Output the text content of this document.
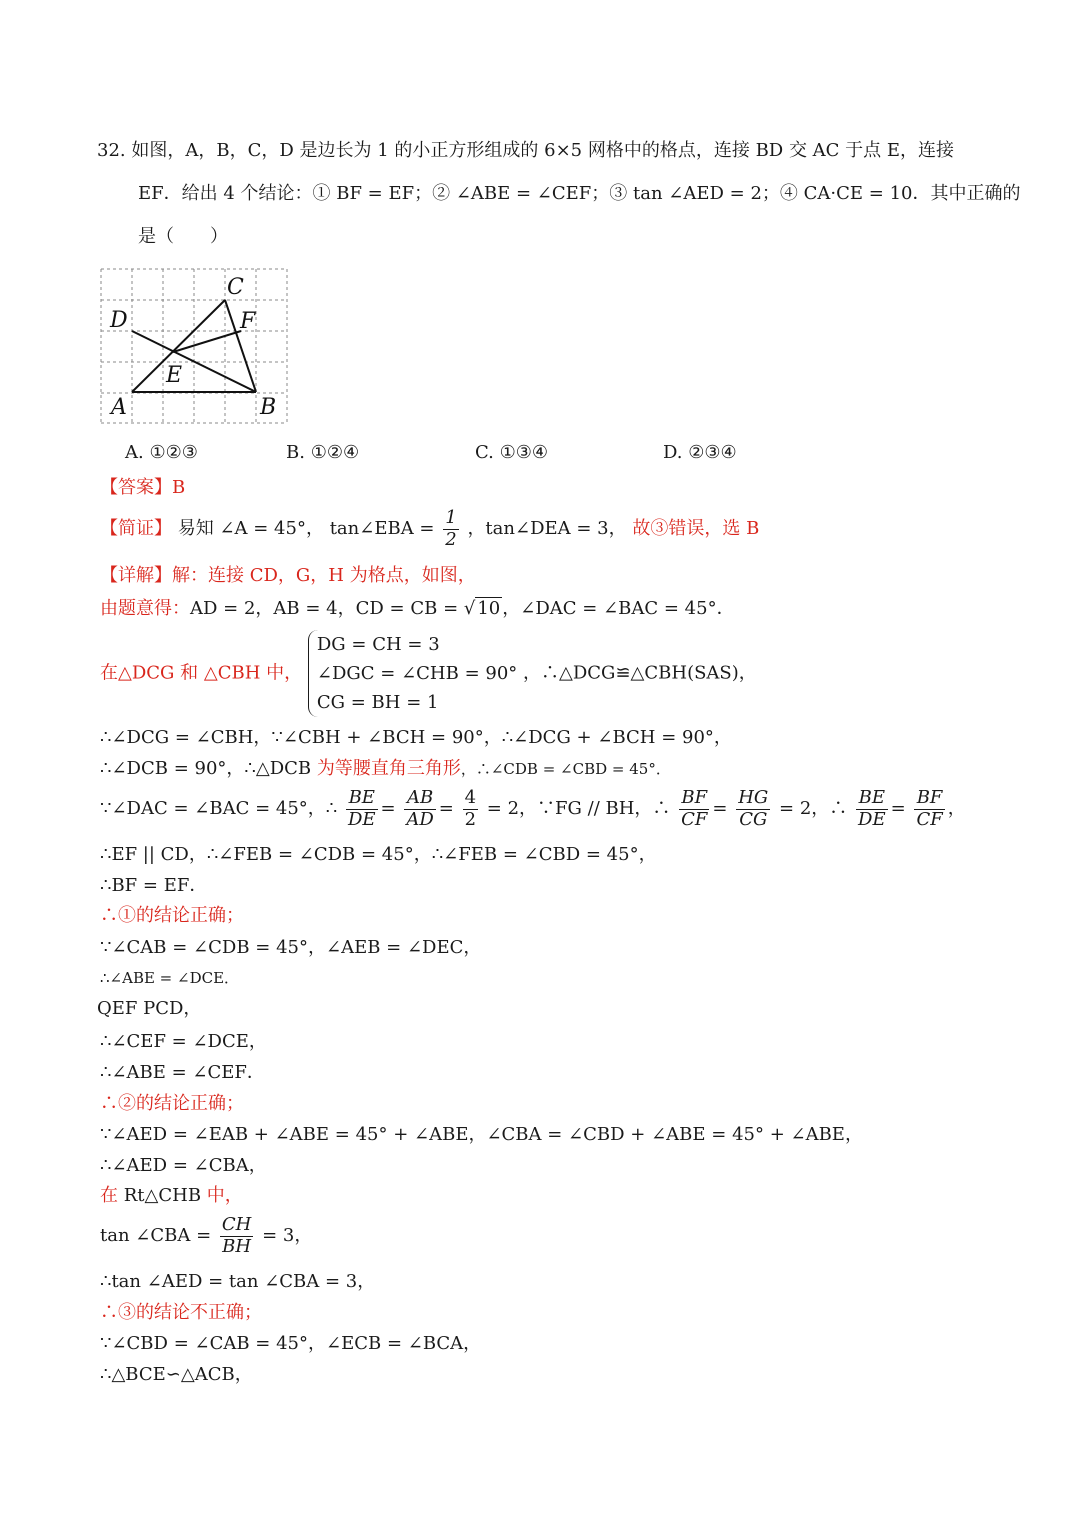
32. 如图，A，B，C，D 是边长为 1 的小正方形组成的 6×5 网格中的格点，连接 BD 交 AC 于点 E，连接
EF．给出 4 个结论：① BF = EF；② ∠ABE = ∠CEF；③ tan ∠AED = 2；④ CA·CE = 10．其中正确的
是（　　）
C
D	F
E
A	B
A. ①②③	B. ①②④	C. ①③④	D. ②③④
【答案】B
【简证】 易知 ∠A = 45°， tan∠EBA = $\frac{1}{2}$ ，tan∠DEA = 3， 故③错误，选 B
【详解】解：连接 CD，G，H 为格点，如图，
由题意得：AD = 2，AB = 4，CD = CB = √ 10 ，∠DAC = ∠BAC = 45°．
在△DCG 和 △CBH 中，
DG = CH = 3
∠DGC = ∠CHB = 90°
CG = BH = 1
，∴△DCG≌△CBH(SAS)，
∴∠DCG = ∠CBH，∵∠CBH + ∠BCH = 90°，∴∠DCG + ∠BCH = 90°，
∴∠DCB = 90°，∴△DCB 为等腰直角三角形，∴∠CDB = ∠CBD = 45°．
∵∠DAC = ∠BAC = 45°，∴ $\frac{BE}{DE} = \frac{AB}{AD} = \frac{4}{2} = 2$，∵FG // BH，∴ $\frac{BF}{CF} = \frac{HG}{CG} = 2$，∴ $\frac{BE}{DE} = \frac{BF}{CF}$ ，
∴EF || CD，∴∠FEB = ∠CDB = 45°，∴∠FEB = ∠CBD = 45°，
∴BF = EF．
∴①的结论正确；
∵∠CAB = ∠CDB = 45°，∠AEB = ∠DEC，
∴∠ABE = ∠DCE．
QEF PCD，
∴∠CEF = ∠DCE，
∴∠ABE = ∠CEF．
∴②的结论正确；
∵∠AED = ∠EAB + ∠ABE = 45° + ∠ABE，∠CBA = ∠CBD + ∠ABE = 45° + ∠ABE，
∴∠AED = ∠CBA，
在 Rt△CHB 中，
tan ∠CBA = $\frac{CH}{BH} = 3$，
∴tan ∠AED = tan ∠CBA = 3，
∴③的结论不正确；
∵∠CBD = ∠CAB = 45°，∠ECB = ∠BCA，
∴△BCE∽△ACB，
